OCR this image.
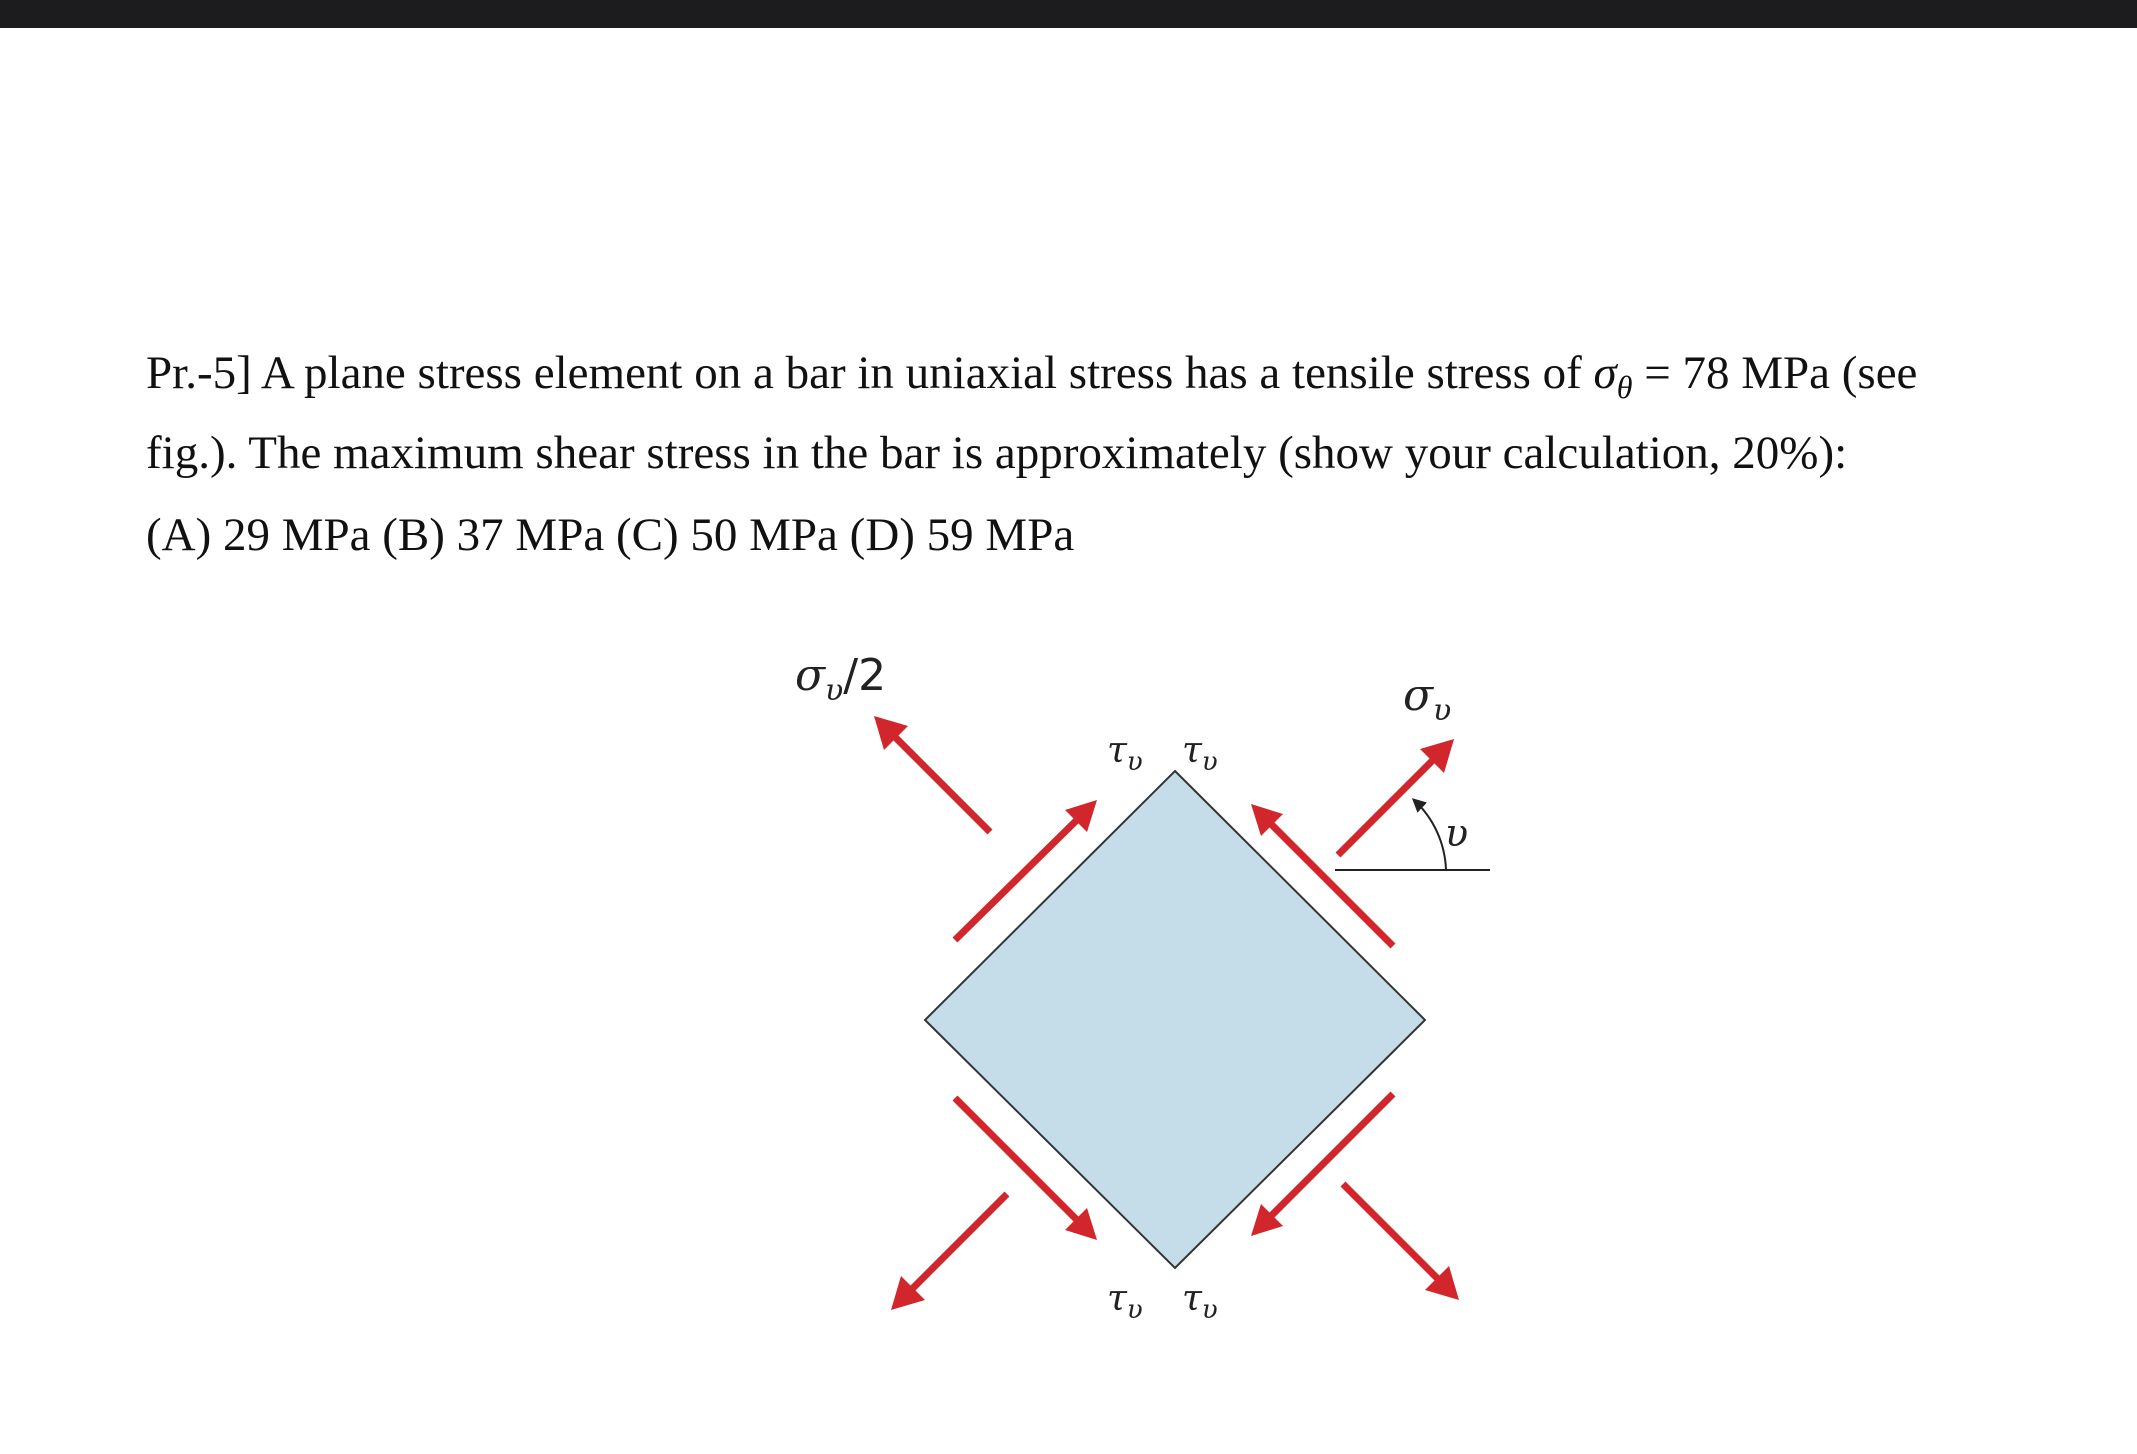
Pr.-5] A plane stress element on a bar in uniaxial stress has a tensile stress of $\sigma_\theta = 78$ MPa (see
fig.). The maximum shear stress in the bar is approximately (show your calculation, 20%):
(A) 29 MPa (B) 37 MPa (C) 50 MPa (D) 59 MPa
$\sigma_\upsilon/2$	$\sigma_\upsilon$
$\tau_\upsilon$ $\tau_\upsilon$
$\tau_\upsilon$ $\tau_\upsilon$
υ
